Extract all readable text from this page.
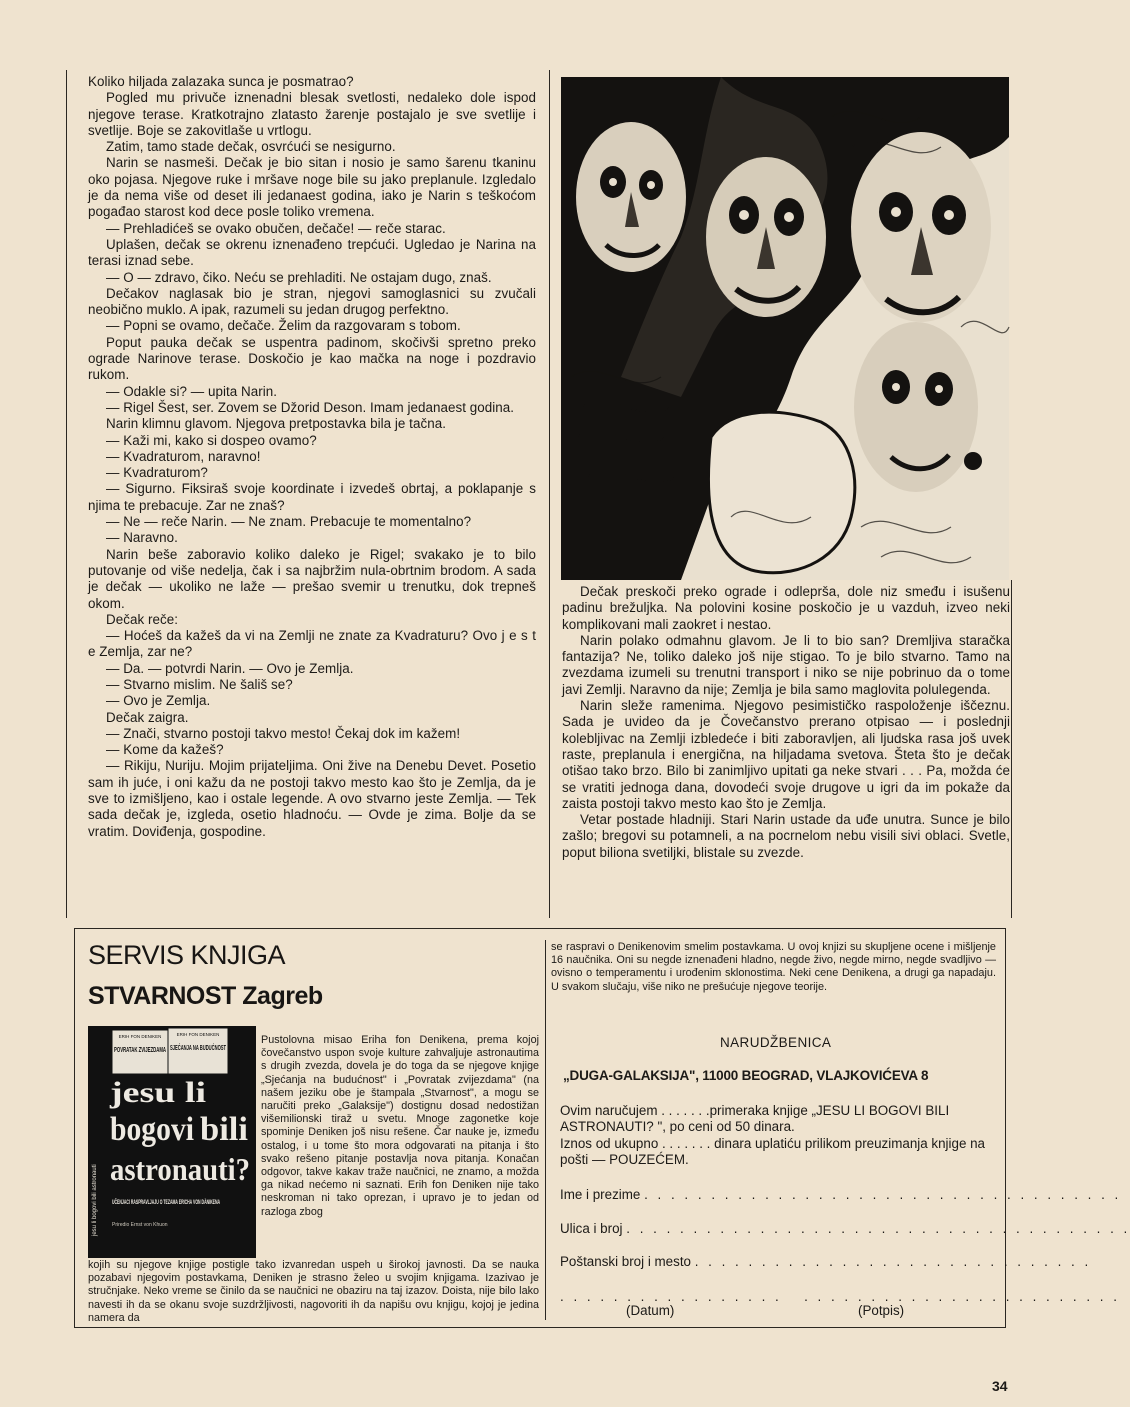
Koliko hiljada zalazaka sunca je posmatrao?

Pogled mu privuče iznenadni blesak svetlosti, nedaleko dole ispod njegove terase. Kratkotrajno zlatasto žarenje postajalo je sve svetlije i svetlije. Boje se zakovitlaše u vrtlogu.

Zatim, tamo stade dečak, osvrćući se nesigurno.

Narin se nasmeši. Dečak je bio sitan i nosio je samo šarenu tkaninu oko pojasa. Njegove ruke i mršave noge bile su jako preplanule. Izgledalo je da nema više od deset ili jedanaest godina, iako je Narin s teškoćom pogađao starost kod dece posle toliko vremena.

— Prehladićeš se ovako obučen, dečače! — reče starac.

Uplašen, dečak se okrenu iznenađeno trepćući. Ugledao je Narina na terasi iznad sebe.

— O — zdravo, čiko. Neću se prehladiti. Ne ostajam dugo, znaš.

Dečakov naglasak bio je stran, njegovi samoglasnici su zvučali neobično muklo. A ipak, razumeli su jedan drugog perfektno.

— Popni se ovamo, dečače. Želim da razgovaram s tobom.

Poput pauka dečak se uspentra padinom, skočivši spretno preko ograde Narinove terase. Doskočio je kao mačka na noge i pozdravio rukom.

— Odakle si? — upita Narin.

— Rigel Šest, ser. Zovem se Džorid Deson. Imam jedanaest godina.

Narin klimnu glavom. Njegova pretpostavka bila je tačna.

— Kaži mi, kako si dospeo ovamo?

— Kvadraturom, naravno!

— Kvadraturom?

— Sigurno. Fiksiraš svoje koordinate i izvedeš obrtaj, a poklapanje s njima te prebacuje. Zar ne znaš?

— Ne — reče Narin. — Ne znam. Prebacuje te momentalno?

— Naravno.

Narin beše zaboravio koliko daleko je Rigel; svakako je to bilo putovanje od više nedelja, čak i sa najbržim nula-obrtnim brodom. A sada je dečak — ukoliko ne laže — prešao svemir u trenutku, dok trepneš okom.

Dečak reče:

— Hoćeš da kažeš da vi na Zemlji ne znate za Kvadraturu? Ovo j e s t e Zemlja, zar ne?

— Da. — potvrdi Narin. — Ovo je Zemlja.

— Stvarno mislim. Ne šališ se?

— Ovo je Zemlja.

Dečak zaigra.

— Znači, stvarno postoji takvo mesto! Čekaj dok im kažem!

— Kome da kažeš?

— Rikiju, Nuriju. Mojim prijateljima. Oni žive na Denebu Devet. Posetio sam ih juće, i oni kažu da ne postoji takvo mesto kao što je Zemlja, da je sve to izmišljeno, kao i ostale legende. A ovo stvarno jeste Zemlja. — Tek sada dečak je, izgleda, osetio hladnoću. — Ovde je zima. Bolje da se vratim. Doviđenja, gospodine.

Dečak preskoči preko ograde i odleprša, dole niz smeđu i isušenu padinu brežuljka. Na polovini kosine poskočio je u vazduh, izveo neki komplikovani mali zaokret i nestao.

Narin polako odmahnu glavom. Je li to bio san? Dremljiva staračka fantazija? Ne, toliko daleko još nije stigao. To je bilo stvarno. Tamo na zvezdama izumeli su trenutni transport i niko se nije pobrinuo da o tome javi Zemlji. Naravno da nije; Zemlja je bila samo maglovita polulegenda.

Narin sleže ramenima. Njegovo pesimističko raspoloženje iščeznu. Sada je uvideo da je Čovečanstvo prerano otpisao — i poslednji kolebljivac na Zemlji izbledeće i biti zaboravljen, ali ljudska rasa još uvek raste, preplanula i energična, na hiljadama svetova. Šteta što je dečak otišao tako brzo. Bilo bi zanimljivo upitati ga neke stvari . . . Pa, možda će se vratiti jednoga dana, dovodeći svoje drugove u igri da im pokaže da zaista postoji takvo mesto kao što je Zemlja.

Vetar postade hladniji. Stari Narin ustade da uđe unutra. Sunce je bilo zašlo; bregovi su potamneli, a na pocrnelom nebu visili sivi oblaci. Svetle, poput biliona svetiljki, blistale su zvezde.

SERVIS KNJIGA
STVARNOST Zagreb
ERIH FON DENIKEN	ERIH FON DENIKEN
POVRATAK ZVIJEZDAMA SJEĆANJA NA BUDUĆNOST
jesu li bogovi bili astronauti
jesu li
bogovi bili
astronauti?
UČENJACI RASPRAVLJAJU O TEZAMA ERICHA VON DÄNIKENA
Priredio Ernst von Khuon
Pustolovna misao Eriha fon Denikena, prema kojoj čovečanstvo uspon svoje kulture zahvaljuje astronautima s drugih zvezda, dovela je do toga da se njegove knjige „Sjećanja na budućnost" i „Povratak zvijezdama" (na našem jeziku obe je štampala „Stvarnost", a mogu se naručiti preko „Galaksije") dostignu dosad nedostižan višemilionski tiraž u svetu. Mnoge zagonetke koje spominje Deniken još nisu rešene. Čar nauke je, između ostalog, i u tome što mora odgovarati na pitanja i što svako rešeno pitanje postavlja nova pitanja. Konačan odgovor, takve kakav traže naučnici, ne znamo, a možda ga nikad nećemo ni saznati. Erih fon Deniken nije tako neskroman ni tako oprezan, i upravo je to jedan od razloga zbog
kojih su njegove knjige postigle tako izvanredan uspeh u širokoj javnosti. Da se nauka pozabavi njegovim postavkama, Deniken je strasno želeo u svojim knjigama. Izazivao je stručnjake. Neko vreme se činilo da se naučnici ne obaziru na taj izazov. Doista, nije bilo lako navesti ih da se okanu svoje suzdržljivosti, nagovoriti ih da napišu ovu knjigu, kojoj je jedina namera da
se raspravi o Denikenovim smelim postavkama. U ovoj knjizi su skupljene ocene i mišljenje 16 naučnika. Oni su negde iznenađeni hladno, negde živo, negde mirno, negde svadljivo — ovisno o temperamentu i urođenim sklonostima. Neki cene Denikena, a drugi ga napadaju. U svakom slučaju, više niko ne prešućuje njegove teorije.
NARUDŽBENICA
„DUGA-GALAKSIJA", 11000 BEOGRAD, VLAJKOVIĆEVA 8
Ovim naručujem . . . . . . .primeraka knjige „JESU LI BOGOVI BILI ASTRONAUTI? ", po ceni od 50 dinara.
Iznos od ukupno . . . . . . . dinara uplatiću prilikom preuzimanja knjige na pošti — POUZEĆEM.
Ime i prezime . . . . . . . . . . . . . . . . . . . . . . . . . . . . . . . . . . . .
Ulica i broj . . . . . . . . . . . . . . . . . . . . . . . . . . . . . . . . . . . . . .
Poštanski broj i mesto . . . . . . . . . . . . . . . . . . . . . . . . . . . . . .
. . . . . . . . . . . . . . . . . . . . . . . . . . . . . . . . . . . . . . . . .
(Datum)	(Potpis)
34
